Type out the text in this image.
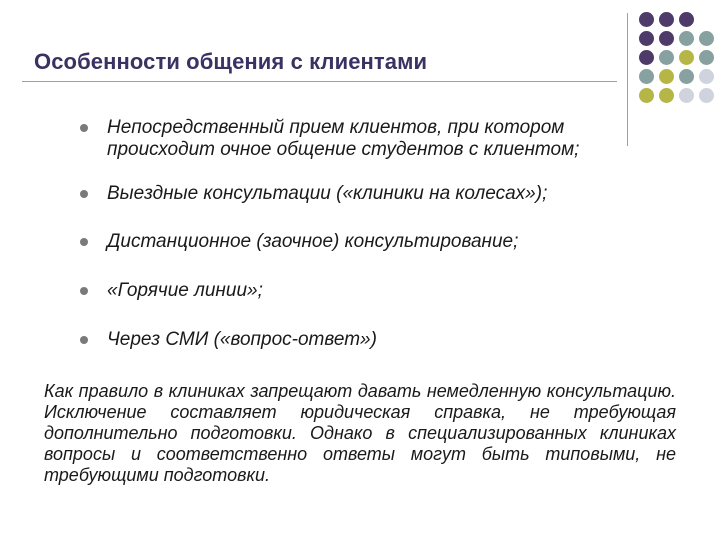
Особенности общения с клиентами
Непосредственный прием клиентов, при котором происходит очное общение студентов с клиентом;
Выездные консультации («клиники на колесах»);
Дистанционное (заочное) консультирование;
«Горячие линии»;
Через СМИ («вопрос-ответ»)
Как правило в клиниках запрещают давать немедленную консультацию. Исключение составляет юридическая справка, не требующая дополнительно подготовки. Однако в специализированных клиниках вопросы и соответственно ответы могут быть типовыми, не требующими подготовки.
